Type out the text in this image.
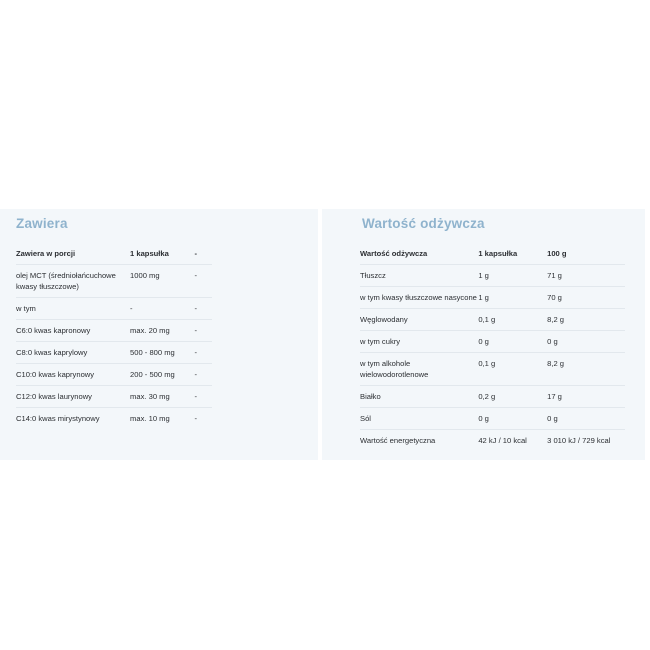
Zawiera
Zawiera w porcji	1 kapsułka	-
olej MCT (średniołańcuchowe kwasy tłuszczowe)	1000 mg	-
w tym	-	-
C6:0 kwas kapronowy	max. 20 mg	-
C8:0 kwas kaprylowy	500 - 800 mg	-
C10:0 kwas kaprynowy	200 - 500 mg	-
C12:0 kwas laurynowy	max. 30 mg	-
C14:0 kwas mirystynowy	max. 10 mg	-
Wartość odżywcza
Wartość odżywcza	1 kapsułka	100 g
Tłuszcz	1 g	71 g
w tym kwasy tłuszczowe nasycone	1 g	70 g
Węglowodany	0,1 g	8,2 g
w tym cukry	0 g	0 g
w tym alkohole wielowodorotlenowe	0,1 g	8,2 g
Białko	0,2 g	17 g
Sól	0 g	0 g
Wartość energetyczna	42 kJ / 10 kcal	3 010 kJ / 729 kcal
